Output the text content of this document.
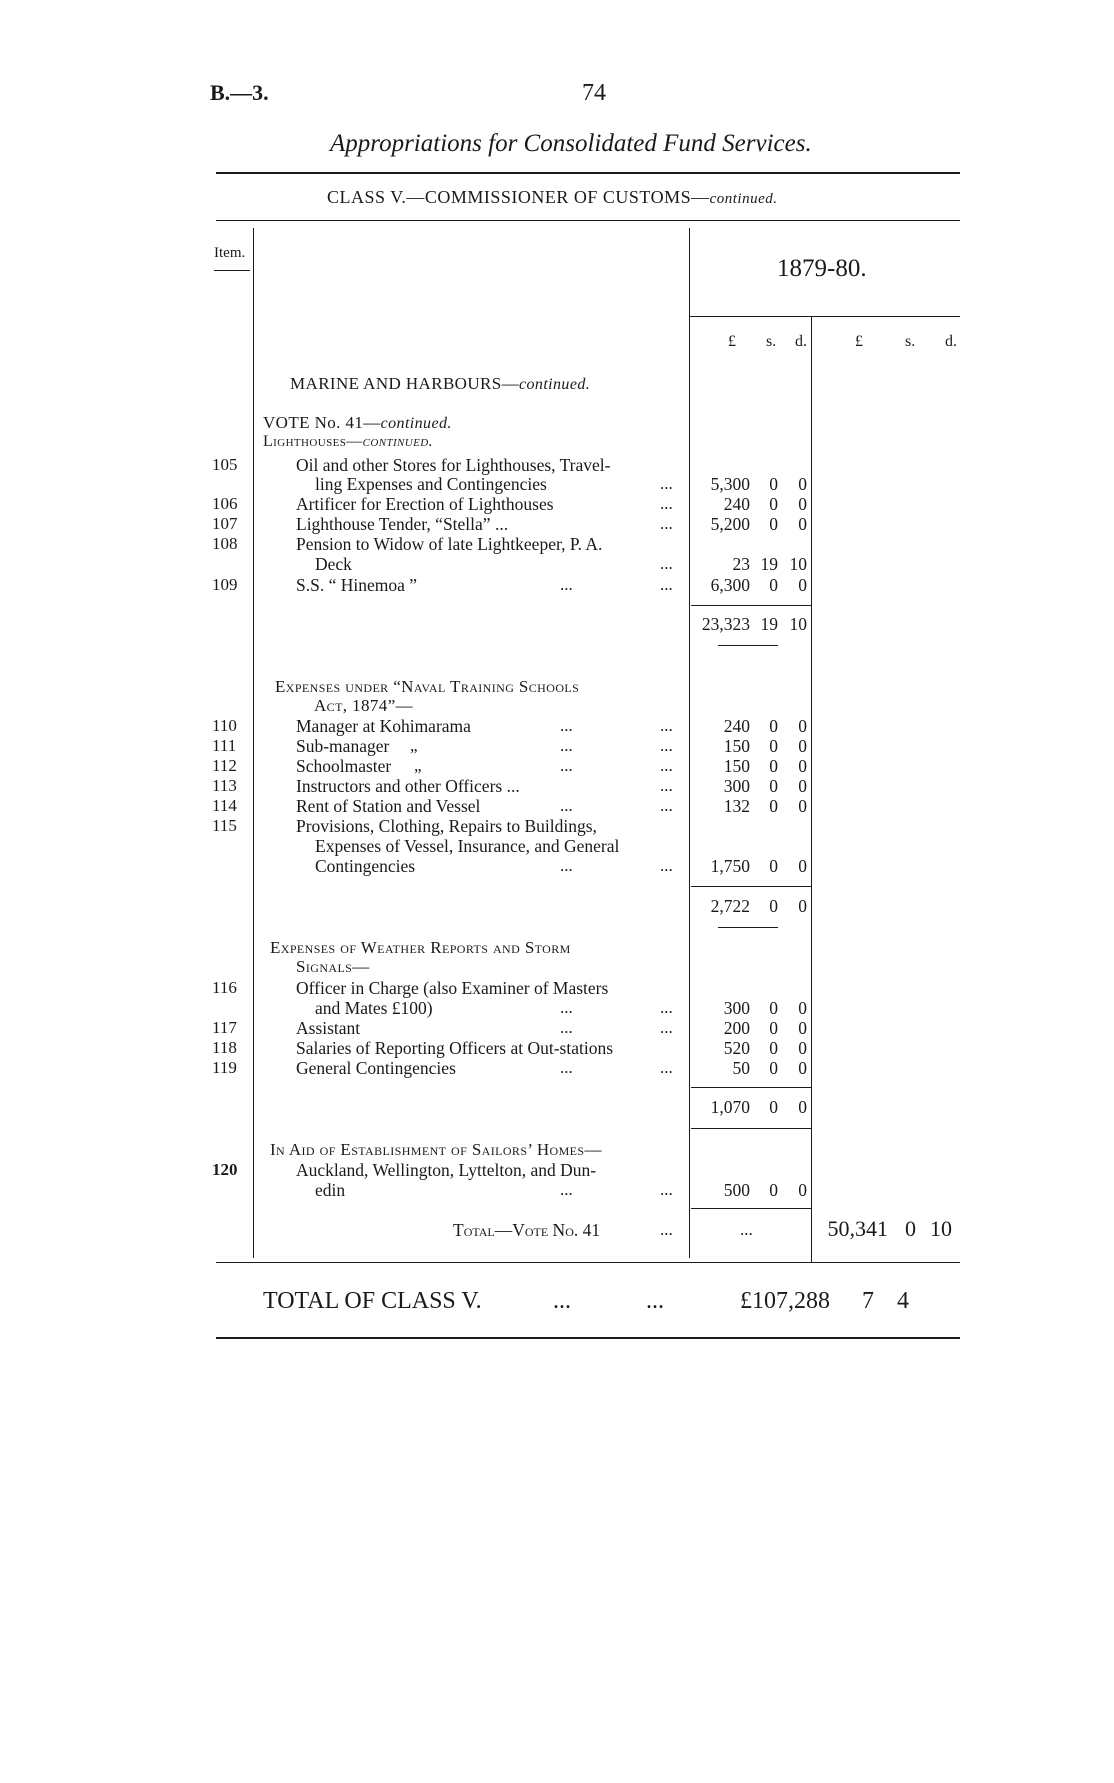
B.—3.	74
Appropriations for Consolidated Fund Services.
CLASS V.—COMMISSIONER OF CUSTOMS—continued.
Item.
1879-80.
£ s. d.	£	s. d.
MARINE AND HARBOURS—continued.
VOTE No. 41—continued.
Lighthouses—continued.
105	Oil and other Stores for Lighthouses, Travel-
ling Expenses and Contingencies	...	5,300	0	0
106	Artificer for Erection of Lighthouses	...	240	0	0
107	Lighthouse Tender, “Stella” ...	...	5,200	0	0
108	Pension to Widow of late Lightkeeper, P. A.
Deck	...	23 19 10
109	S.S. “ Hinemoa ”	...	...	6,300	0	0
23,323 19 10
Expenses under “Naval Training Schools
Act, 1874”—
110	Manager at Kohimarama	...	...	240	0	0
111	Sub-manager „	...	...	150	0	0
112	Schoolmaster „	...	...	150	0	0
113	Instructors and other Officers ...	...	300	0	0
114	Rent of Station and Vessel	...	...	132	0	0
115	Provisions, Clothing, Repairs to Buildings,
Expenses of Vessel, Insurance, and General
Contingencies	...	...	1,750	0	0
2,722	0	0
Expenses of Weather Reports and Storm
Signals—
116	Officer in Charge (also Examiner of Masters
and Mates £100)	...	...	300	0	0
117	Assistant	...	...	200	0	0
118	Salaries of Reporting Officers at Out-stations	520	0	0
119	General Contingencies	...	...	50	0	0
1,070	0	0
In Aid of Establishment of Sailors’ Homes—
120	Auckland, Wellington, Lyttelton, and Dun-
edin	...	...	500	0	0
Total—Vote No. 41	...	...	50,341 0 10
TOTAL OF CLASS V.	...	...	£107,288 7 4
